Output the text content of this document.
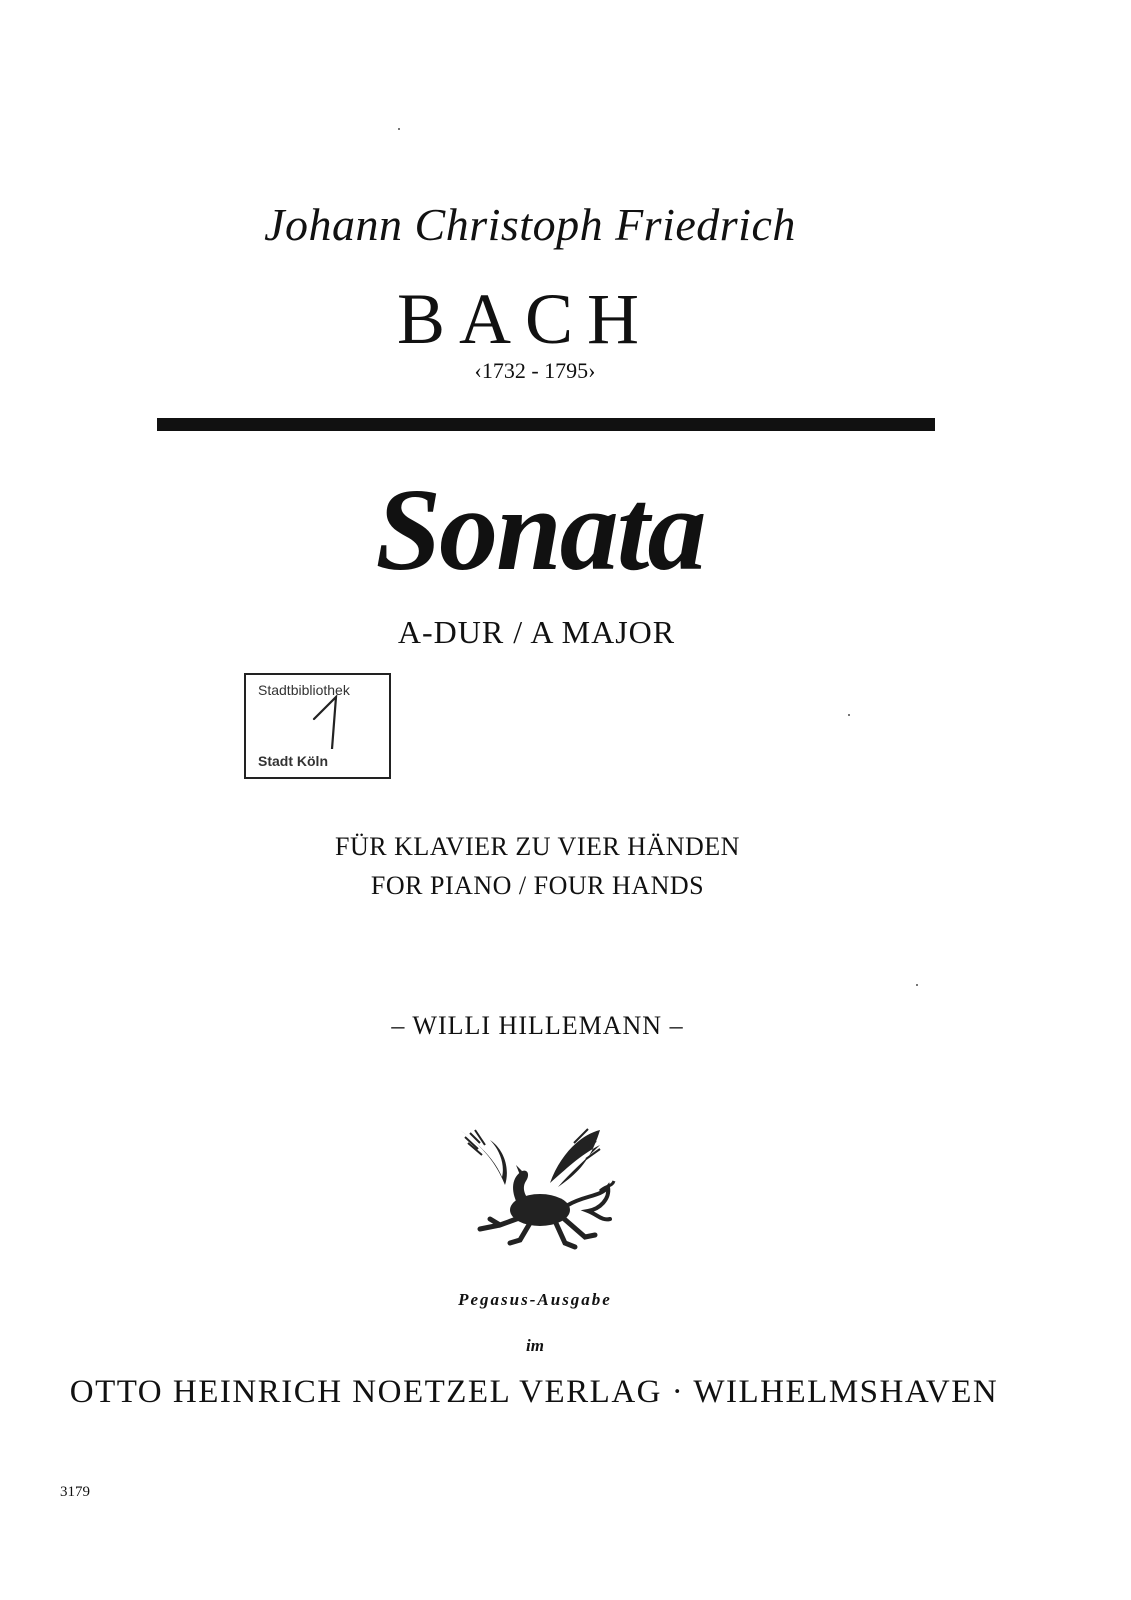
Johann Christoph Friedrich
BACH
‹1732 - 1795›
Sonata
A-DUR / A MAJOR
Stadtbibliothek
Stadt Köln
FÜR KLAVIER ZU VIER HÄNDEN
FOR PIANO / FOUR HANDS
– WILLI HILLEMANN –
Pegasus-Ausgabe
im
OTTO HEINRICH NOETZEL VERLAG · WILHELMSHAVEN
3179
